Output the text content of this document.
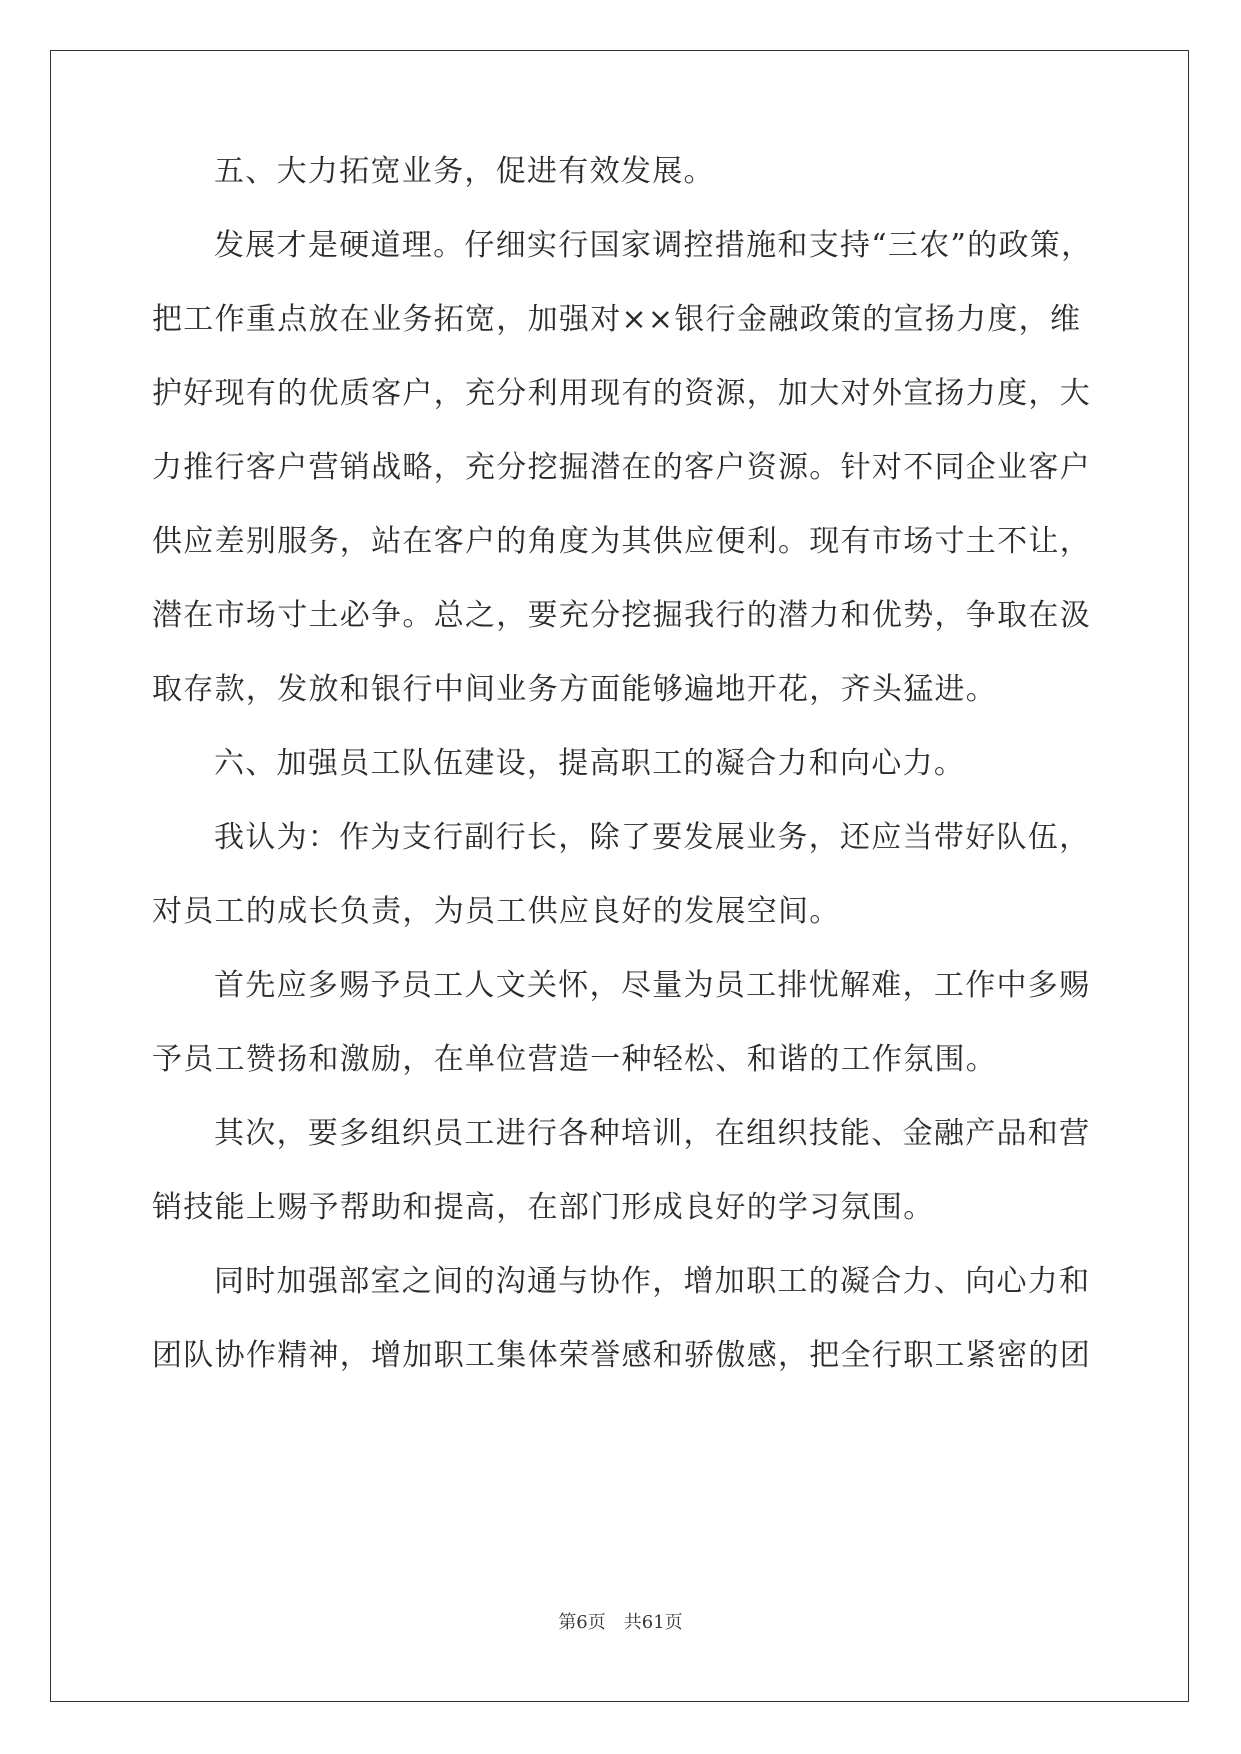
五、大力拓宽业务，促进有效发展。
发展才是硬道理。仔细实行国家调控措施和支持“三农”的政策，
把工作重点放在业务拓宽，加强对××银行金融政策的宣扬力度，维
护好现有的优质客户，充分利用现有的资源，加大对外宣扬力度，大
力推行客户营销战略，充分挖掘潜在的客户资源。针对不同企业客户
供应差别服务，站在客户的角度为其供应便利。现有市场寸土不让，
潜在市场寸土必争。总之，要充分挖掘我行的潜力和优势，争取在汲
取存款，发放和银行中间业务方面能够遍地开花，齐头猛进。
六、加强员工队伍建设，提高职工的凝合力和向心力。
我认为：作为支行副行长，除了要发展业务，还应当带好队伍，
对员工的成长负责，为员工供应良好的发展空间。
首先应多赐予员工人文关怀，尽量为员工排忧解难，工作中多赐
予员工赞扬和激励，在单位营造一种轻松、和谐的工作氛围。
其次，要多组织员工进行各种培训，在组织技能、金融产品和营
销技能上赐予帮助和提高，在部门形成良好的学习氛围。
同时加强部室之间的沟通与协作，增加职工的凝合力、向心力和
团队协作精神，增加职工集体荣誉感和骄傲感，把全行职工紧密的团
第6页 共61页
